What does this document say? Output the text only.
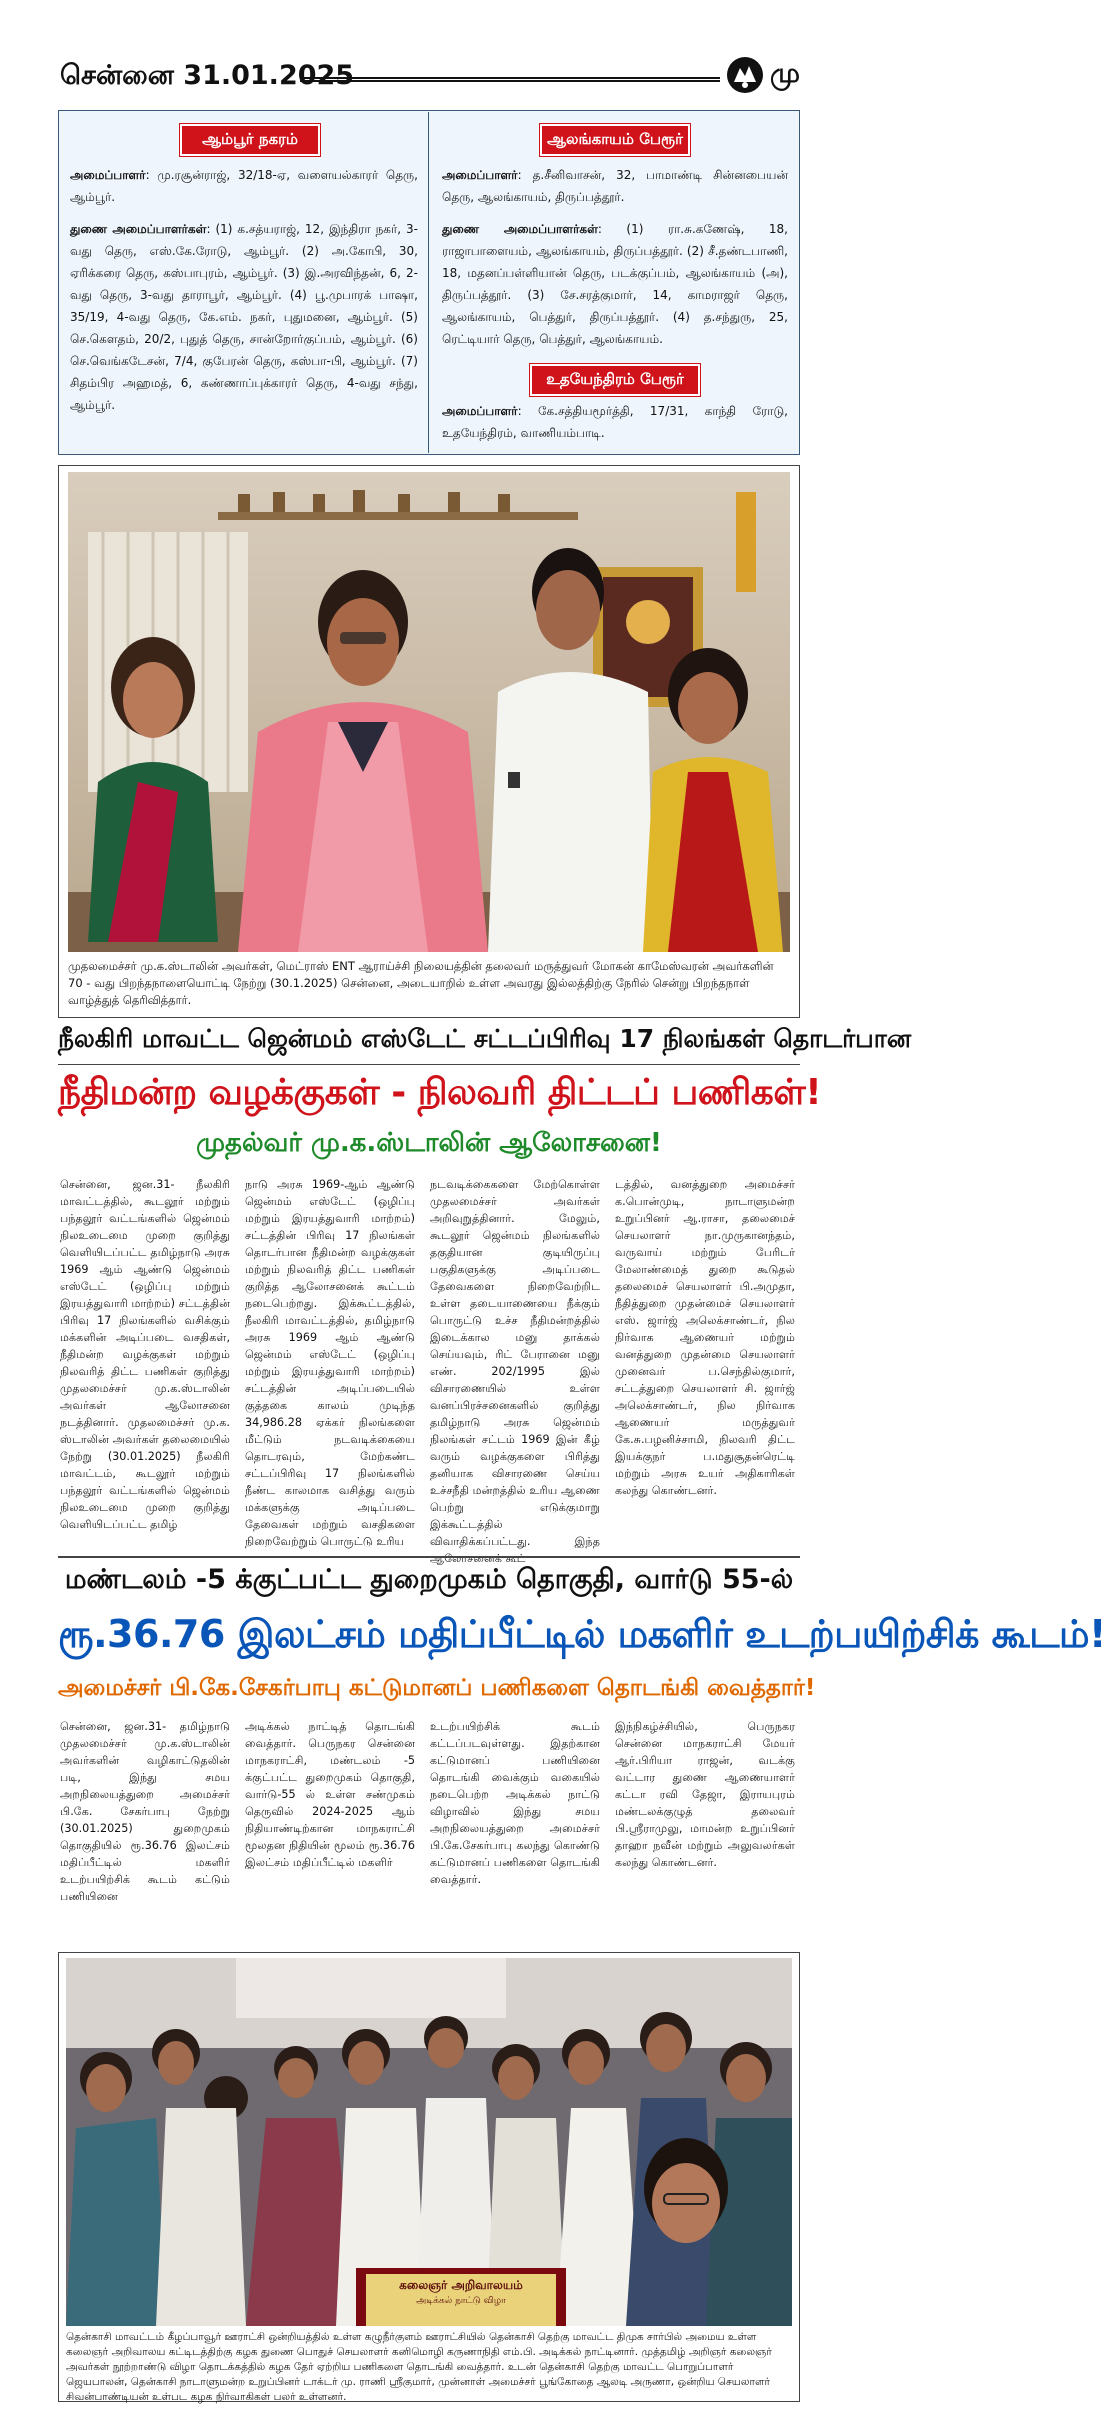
சென்னை 31.01.2025	மு
ஆம்பூர் நகரம்
அமைப்பாளர்: மு.ரசூன்ராஜ், 32/18-ஏ, வளையல்காரர் தெரு, ஆம்பூர்.
துணை அமைப்பாளர்கள்: (1) க.சத்யராஜ், 12, இந்திரா நகர், 3-வது தெரு, எஸ்.கே.ரோடு, ஆம்பூர். (2) அ.கோபி, 30, ஏரிக்கரை தெரு, கஸ்பாபுரம், ஆம்பூர். (3) இ.அரவிந்தன், 6, 2-வது தெரு, 3-வது தாராபூர், ஆம்பூர். (4) பூ.முபாரக் பாஷா, 35/19, 4-வது தெரு, கே.எம். நகர், புதுமனை, ஆம்பூர். (5) செ.கௌதம், 20/2, புதுத் தெரு, சான்றோர்குப்பம், ஆம்பூர். (6) செ.வெங்கடேசன், 7/4, குபேரன் தெரு, கஸ்பா-பி, ஆம்பூர். (7) சிதம்பிர அஹமத், 6, கண்ணாப்புக்காரர் தெரு, 4-வது சந்து, ஆம்பூர்.
ஆலங்காயம் பேரூர்
அமைப்பாளர்: த.சீனிவாசன், 32, பாமாண்டி சின்னபையன் தெரு, ஆலங்காயம், திருப்பத்தூர்.
துணை அமைப்பாளர்கள்: (1) ரா.சு.கணேஷ், 18, ராஜாபாளையம், ஆலங்காயம், திருப்பத்தூர். (2) சீ.தண்டபாணி, 18, மதனப்பள்ளியான் தெரு, படக்குப்பம், ஆலங்காயம் (அ), திருப்பத்தூர். (3) சே.சரத்குமார், 14, காமராஜர் தெரு, ஆலங்காயம், பெத்துர், திருப்பத்தூர். (4) த.சந்துரு, 25, ரெட்டியார் தெரு, பெத்துர், ஆலங்காயம்.
உதயேந்திரம் பேரூர்
அமைப்பாளர்: கே.சத்தியமூர்த்தி, 17/31, காந்தி ரோடு, உதயேந்திரம், வாணியம்பாடி.
முதலமைச்சர் மு.க.ஸ்டாலின் அவர்கள், மெட்ராஸ் ENT ஆராய்ச்சி நிலையத்தின் தலைவர் மருத்துவர் மோகன் காமேஸ்வரன் அவர்களின் 70 - வது பிறந்தநாளையொட்டி நேற்று (30.1.2025) சென்னை, அடையாறில் உள்ள அவரது இல்லத்திற்கு நேரில் சென்று பிறந்தநாள் வாழ்த்துத் தெரிவித்தார்.
நீலகிரி மாவட்ட ஜென்மம் எஸ்டேட் சட்டப்பிரிவு 17 நிலங்கள் தொடர்பான
நீதிமன்ற வழக்குகள் - நிலவரி திட்டப் பணிகள்!
முதல்வர் மு.க.ஸ்டாலின் ஆலோசனை!
சென்னை, ஜன.31- நீலகிரி மாவட்டத்தில், கூடலூர் மற்றும் பந்தலூர் வட்டங்களில் ஜென்மம் நிலஉடைமை முறை குறித்து வெளியிடப்பட்ட தமிழ்நாடு அரசு 1969 ஆம் ஆண்டு ஜென்மம் எஸ்டேட் (ஒழிப்பு மற்றும் இரயத்துவாரி மாற்றம்) சட்டத்தின் பிரிவு 17 நிலங்களில் வசிக்கும் மக்களின் அடிப்படை வசதிகள், நீதிமன்ற வழக்குகள் மற்றும் நிலவரித் திட்ட பணிகள் குறித்து முதலமைச்சர் மு.க.ஸ்டாலின் அவர்கள் ஆலோசனை நடத்தினார். முதலமைச்சர் மு.க. ஸ்டாலின் அவர்கள் தலைமையில் நேற்று (30.01.2025) நீலகிரி மாவட்டம், கூடலூர் மற்றும் பந்தலூர் வட்டங்களில் ஜென்மம் நிலஉடைமை முறை குறித்து வெளியிடப்பட்ட தமிழ்
நாடு அரசு 1969-ஆம் ஆண்டு ஜென்மம் எஸ்டேட் (ஒழிப்பு மற்றும் இரயத்துவாரி மாற்றம்) சட்டத்தின் பிரிவு 17 நிலங்கள் தொடர்பான நீதிமன்ற வழக்குகள் மற்றும் நிலவரித் திட்ட பணிகள் குறித்த ஆலோசனைக் கூட்டம் நடைபெற்றது. இக்கூட்டத்தில், நீலகிரி மாவட்டத்தில், தமிழ்நாடு அரசு 1969 ஆம் ஆண்டு ஜென்மம் எஸ்டேட் (ஒழிப்பு மற்றும் இரயத்துவாரி மாற்றம்) சட்டத்தின் அடிப்படையில் குத்தகை காலம் முடிந்த 34,986.28 ஏக்கர் நிலங்களை மீட்டும் நடவடிக்கையை தொடரவும், மேற்கண்ட சட்டப்பிரிவு 17 நிலங்களில் நீண்ட காலமாக வசித்து வரும் மக்களுக்கு அடிப்படை தேவைகள் மற்றும் வசதிகளை நிறைவேற்றும் பொருட்டு உரிய
நடவடிக்கைகளை மேற்கொள்ள முதலமைச்சர் அவர்கள் அறிவுறுத்தினார். மேலும், கூடலூர் ஜென்மம் நிலங்களில் தகுதியான குடியிருப்பு பகுதிகளுக்கு அடிப்படை தேவைகளை நிறைவேற்றிட உள்ள தடையாணையை நீக்கும் பொருட்டு உச்ச நீதிமன்றத்தில் இடைக்கால மனு தாக்கல் செய்யவும், ரிட் பேரானை மனு எண். 202/1995 இல் விசாரணையில் உள்ள வனப்பிரச்சனைகளில் குறித்து தமிழ்நாடு அரசு ஜென்மம் நிலங்கள் சட்டம் 1969 இன் கீழ் வரும் வழக்குகளை பிரித்து தனியாக விசாரணை செய்ய உச்சநீதி மன்றத்தில் உரிய ஆணை பெற்று எடுக்குமாறு இக்கூட்டத்தில் விவாதிக்கப்பட்டது. இந்த ஆலோசனைக் கூட்
டத்தில், வனத்துறை அமைச்சர் க.பொன்முடி, நாடாளுமன்ற உறுப்பினர் ஆ.ராசா, தலைமைச் செயலாளர் நா.முருகானந்தம், வருவாய் மற்றும் பேரிடர் மேலாண்மைத் துறை கூடுதல் தலைமைச் செயலாளர் பி.அமுதா, நீதித்துறை முதன்மைச் செயலாளர் எஸ். ஜார்ஜ் அலெக்சாண்டர், நில நிர்வாக ஆணையர் மற்றும் வனத்துறை முதன்மை செயலாளர் முனைவர் ப.செந்தில்குமார், சட்டத்துறை செயலாளர் சி. ஜார்ஜ் அலெக்சாண்டர், நில நிர்வாக ஆணையர் மருத்துவர் கே.சு.பழனிச்சாமி, நிலவரி திட்ட இயக்குநர் ப.மதுசூதன்ரெட்டி மற்றும் அரசு உயர் அதிகாரிகள் கலந்து கொண்டனர்.
மண்டலம் -5 க்குட்பட்ட துறைமுகம் தொகுதி, வார்டு 55-ல்
ரூ.36.76 இலட்சம் மதிப்பீட்டில் மகளிர் உடற்பயிற்சிக் கூடம்!
அமைச்சர் பி.கே.சேகர்பாபு கட்டுமானப் பணிகளை தொடங்கி வைத்தார்!
சென்னை, ஜன.31- தமிழ்நாடு முதலமைச்சர் மு.க.ஸ்டாலின் அவர்களின் வழிகாட்டுதலின் படி, இந்து சமய அறநிலையத்துறை அமைச்சர் பி.கே. சேகர்பாபு நேற்று (30.01.2025) துறைமுகம் தொகுதியில் ரூ.36.76 இலட்சம் மதிப்பீட்டில் மகளிர் உடற்பயிற்சிக் கூடம் கட்டும் பணியினை
அடிக்கல் நாட்டித் தொடங்கி வைத்தார். பெருநகர சென்னை மாநகராட்சி, மண்டலம் -5 க்குட்பட்ட துறைமுகம் தொகுதி, வார்டு-55 ல் உள்ள சண்முகம் தெருவில் 2024-2025 ஆம் நிதியாண்டிற்கான மாநகராட்சி மூலதன நிதியின் மூலம் ரூ.36.76 இலட்சம் மதிப்பீட்டில் மகளிர்
உடற்பயிற்சிக் கூடம் கட்டப்படவுள்ளது. இதற்கான கட்டுமானப் பணியினை தொடங்கி வைக்கும் வகையில் நடைபெற்ற அடிக்கல் நாட்டு விழாவில் இந்து சமய அறநிலையத்துறை அமைச்சர் பி.கே.சேகர்பாபு கலந்து கொண்டு கட்டுமானப் பணிகளை தொடங்கி வைத்தார்.
இந்நிகழ்ச்சியில், பெருநகர சென்னை மாநகராட்சி மேயர் ஆர்.பிரியா ராஜன், வடக்கு வட்டார துணை ஆணையாளர் கட்டா ரவி தேஜா, இராயபுரம் மண்டலக்குழுத் தலைவர் பி.ஸ்ரீராமுலு, மாமன்ற உறுப்பினர் தாஹா நவீன் மற்றும் அலுவலர்கள் கலந்து கொண்டனர்.
கலைஞர் அறிவாலயம்
அடிக்கல் நாட்டு விழா
தென்காசி மாவட்டம் கீழப்பாவூர் ஊராட்சி ஒன்றியத்தில் உள்ள கழுநீர்குளம் ஊராட்சியில் தென்காசி தெற்கு மாவட்ட திமுக சார்பில் அமைய உள்ள கலைஞர் அறிவாலய கட்டிடத்திற்கு கழக துணை பொதுச் செயலாளர் கனிமொழி கருணாநிதி எம்.பி. அடிக்கல் நாட்டினார். முத்தமிழ் அறிஞர் கலைஞர் அவர்கள் நூற்றாண்டு விழா தொடக்கத்தில் கழக தேர் ஏற்றிய பணிகளை தொடங்கி வைத்தார். உடன் தென்காசி தெற்கு மாவட்ட பொறுப்பாளர் ஜெயபாலன், தென்காசி நாடாளுமன்ற உறுப்பினர் டாக்டர் மு. ராணி ஸ்ரீகுமார், முன்னாள் அமைச்சர் பூங்கோதை ஆலடி அருணா, ஒன்றிய செயலாளர் சிவன்பாண்டியன் உள்பட கழக நிர்வாகிகள் பலர் உள்ளனர்.
